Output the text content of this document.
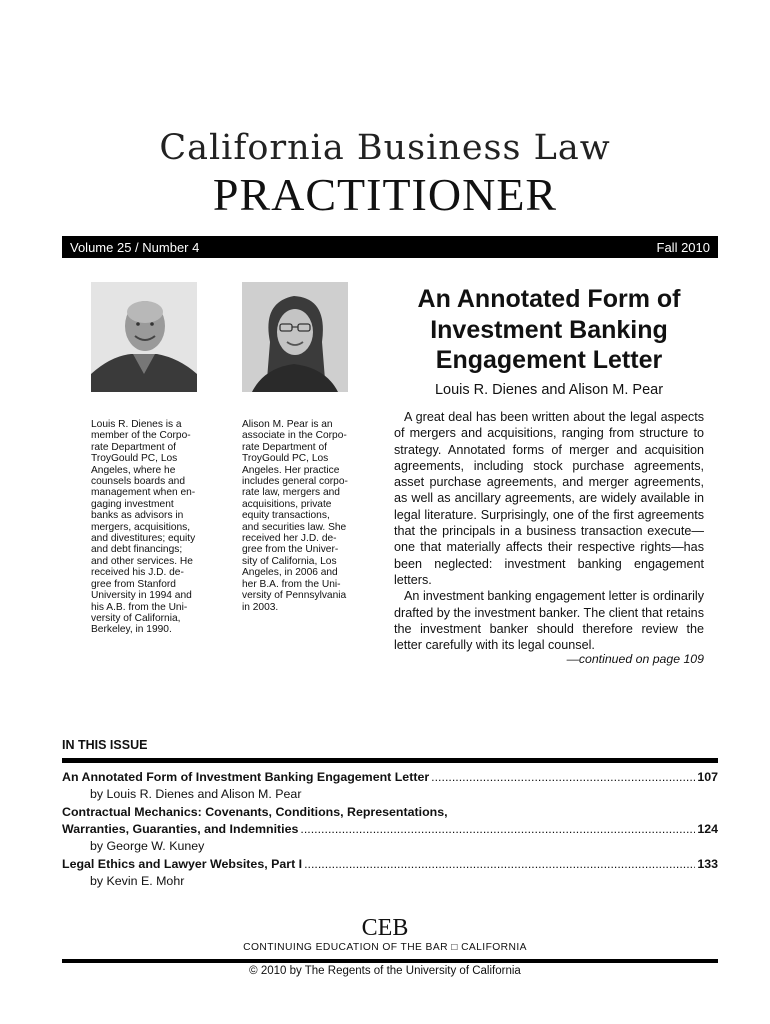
California Business Law
PRACTITIONER
Volume 25 / Number 4	Fall 2010
Louis R. Dienes is a
member of the Corpo-
rate Department of
TroyGould PC, Los
Angeles, where he
counsels boards and
management when en-
gaging investment
banks as advisors in
mergers, acquisitions,
and divestitures; equity
and debt financings;
and other services. He
received his J.D. de-
gree from Stanford
University in 1994 and
his A.B. from the Uni-
versity of California,
Berkeley, in 1990.
Alison M. Pear is an
associate in the Corpo-
rate Department of
TroyGould PC, Los
Angeles. Her practice
includes general corpo-
rate law, mergers and
acquisitions, private
equity transactions,
and securities law. She
received her J.D. de-
gree from the Univer-
sity of California, Los
Angeles, in 2006 and
her B.A. from the Uni-
versity of Pennsylvania
in 2003.
An Annotated Form of
Investment Banking
Engagement Letter
Louis R. Dienes and Alison M. Pear

A great deal has been written about the legal aspects of mergers and acquisitions, ranging from structure to strategy. Annotated forms of merger and acquisition agreements, including stock purchase agreements, asset purchase agreements, and merger agreements, as well as ancillary agreements, are widely available in legal literature. Surprisingly, one of the first agreements that the principals in a business transaction execute—one that materially affects their respective rights—has been neglected: investment banking engagement letters.

An investment banking engagement letter is ordinarily drafted by the investment banker. The client that retains the investment banker should therefore review the letter carefully with its legal counsel.

—continued on page 109
IN THIS ISSUE
An Annotated Form of Investment Banking Engagement Letter .....	107
by Louis R. Dienes and Alison M. Pear
Contractual Mechanics: Covenants, Conditions, Representations,
Warranties, Guaranties, and Indemnities .....	124
by George W. Kuney
Legal Ethics and Lawyer Websites, Part I .....	133
by Kevin E. Mohr
CEB
CONTINUING EDUCATION OF THE BAR □ CALIFORNIA
© 2010 by The Regents of the University of California
